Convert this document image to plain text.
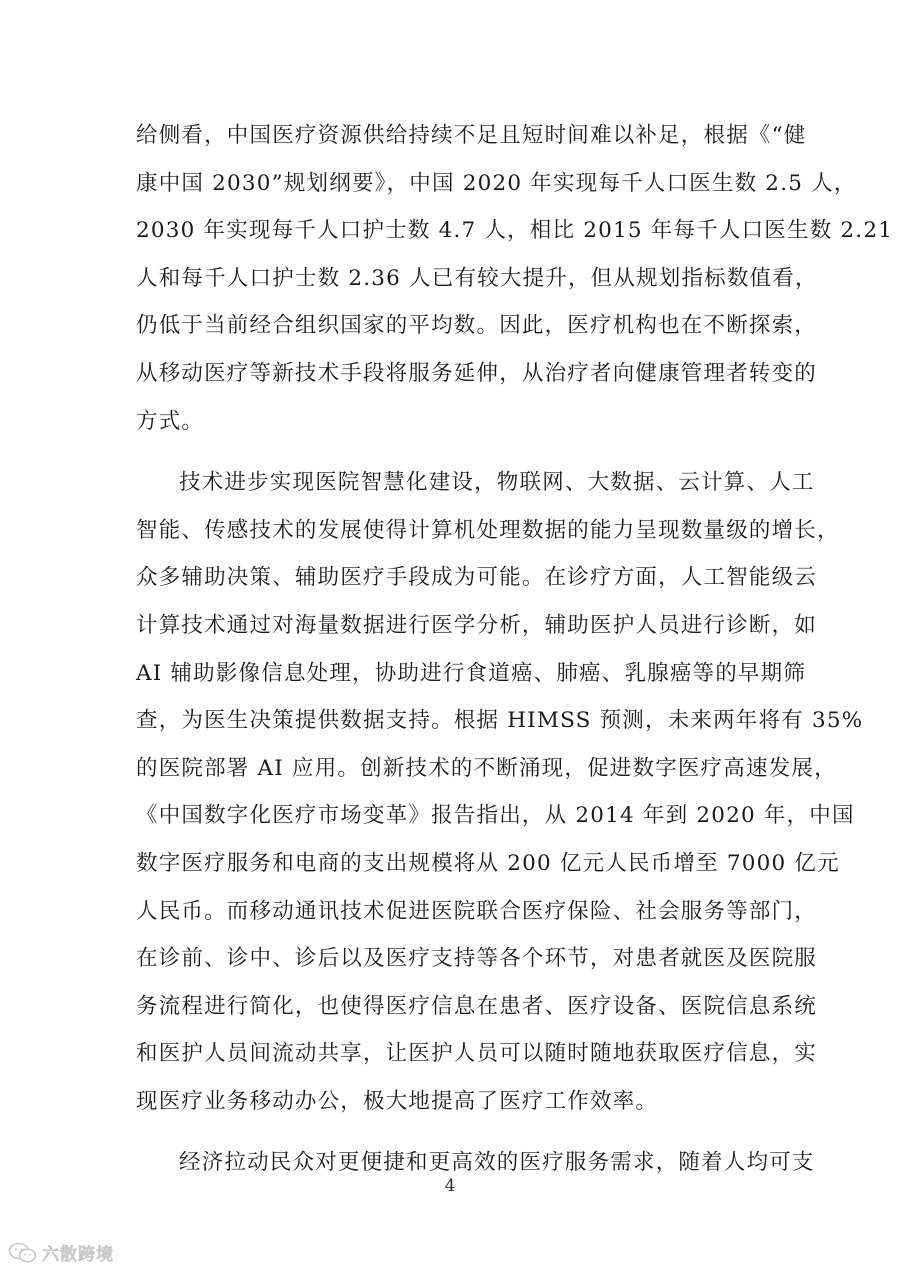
给侧看，中国医疗资源供给持续不足且短时间难以补足，根据《“健
康中国 2030”规划纲要》，中国 2020 年实现每千人口医生数 2.5 人，
2030 年实现每千人口护士数 4.7 人，相比 2015 年每千人口医生数 2.21
人和每千人口护士数 2.36 人已有较大提升，但从规划指标数值看，
仍低于当前经合组织国家的平均数。因此，医疗机构也在不断探索，
从移动医疗等新技术手段将服务延伸，从治疗者向健康管理者转变的
方式。
技术进步实现医院智慧化建设，物联网、大数据、云计算、人工
智能、传感技术的发展使得计算机处理数据的能力呈现数量级的增长，
众多辅助决策、辅助医疗手段成为可能。在诊疗方面，人工智能级云
计算技术通过对海量数据进行医学分析，辅助医护人员进行诊断，如
AI 辅助影像信息处理，协助进行食道癌、肺癌、乳腺癌等的早期筛
查，为医生决策提供数据支持。根据 HIMSS 预测，未来两年将有 35%
的医院部署 AI 应用。创新技术的不断涌现，促进数字医疗高速发展，
《中国数字化医疗市场变革》报告指出，从 2014 年到 2020 年，中国
数字医疗服务和电商的支出规模将从 200 亿元人民币增至 7000 亿元
人民币。而移动通讯技术促进医院联合医疗保险、社会服务等部门，
在诊前、诊中、诊后以及医疗支持等各个环节，对患者就医及医院服
务流程进行简化，也使得医疗信息在患者、医疗设备、医院信息系统
和医护人员间流动共享，让医护人员可以随时随地获取医疗信息，实
现医疗业务移动办公，极大地提高了医疗工作效率。
经济拉动民众对更便捷和更高效的医疗服务需求，随着人均可支
4
六散跨境
